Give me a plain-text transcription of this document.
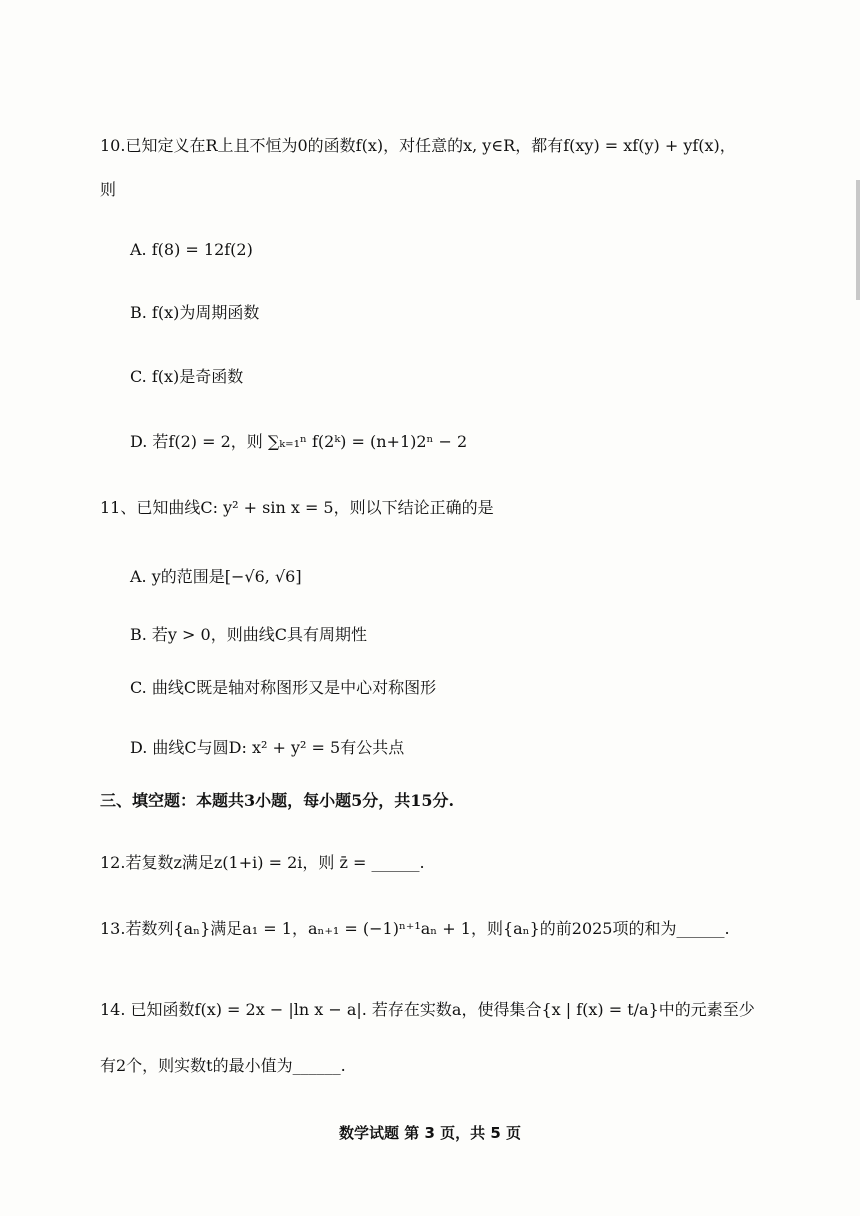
10.已知定义在R上且不恒为0的函数f(x)，对任意的x, y∈R，都有f(xy) = xf(y) + yf(x)，
则
A. f(8) = 12f(2)
B. f(x)为周期函数
C. f(x)是奇函数
D. 若f(2) = 2，则 ∑ₖ₌₁ⁿ f(2ᵏ) = (n+1)2ⁿ − 2
11、已知曲线C: y² + sin x = 5，则以下结论正确的是
A. y的范围是[−√6, √6]
B. 若y > 0，则曲线C具有周期性
C. 曲线C既是轴对称图形又是中心对称图形
D. 曲线C与圆D: x² + y² = 5有公共点
三、填空题：本题共3小题，每小题5分，共15分.
12.若复数z满足z(1+i) = 2i，则 z̄ = ______.
13.若数列{aₙ}满足a₁ = 1，aₙ₊₁ = (−1)ⁿ⁺¹aₙ + 1，则{aₙ}的前2025项的和为______.
14. 已知函数f(x) = 2x − |ln x − a|. 若存在实数a，使得集合{x | f(x) = t/a}中的元素至少
有2个，则实数t的最小值为______.
数学试题 第 3 页，共 5 页
